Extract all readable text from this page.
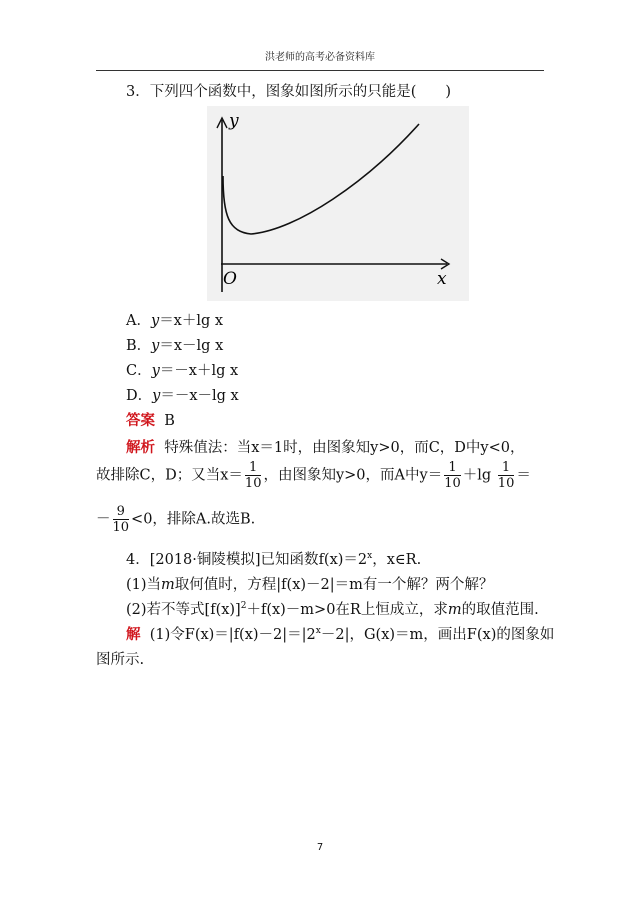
洪老师的高考必备资料库
3．下列四个函数中，图象如图所示的只能是(　　)
y
x
O
A．y＝x＋lg x
B．y＝x－lg x
C．y＝－x＋lg x
D．y＝－x－lg x
答案 B
解析 特殊值法：当x＝1时，由图象知y>0，而C，D中y<0，
故排除C，D；又当$x= \frac{1}{10}$ ，由图象知y>0，而A中$y= \frac{1}{10} +\lg \frac{1}{10}$ ＝
－ $\frac{9}{10} <0$，排除A.故选B.
4．[2018·铜陵模拟]已知函数$f(x)=2^x$，x∈R.
(1)当m取何值时，方程|f(x)－2|＝m有一个解？两个解？
(2)若不等式$[f(x)]^2+f(x)-m>0$在R上恒成立，求m的取值范围.
解 (1)令$F(x)=|f(x)-2|=|2^x-2|$，G(x)＝m，画出F(x)的图象如
图所示.
7
